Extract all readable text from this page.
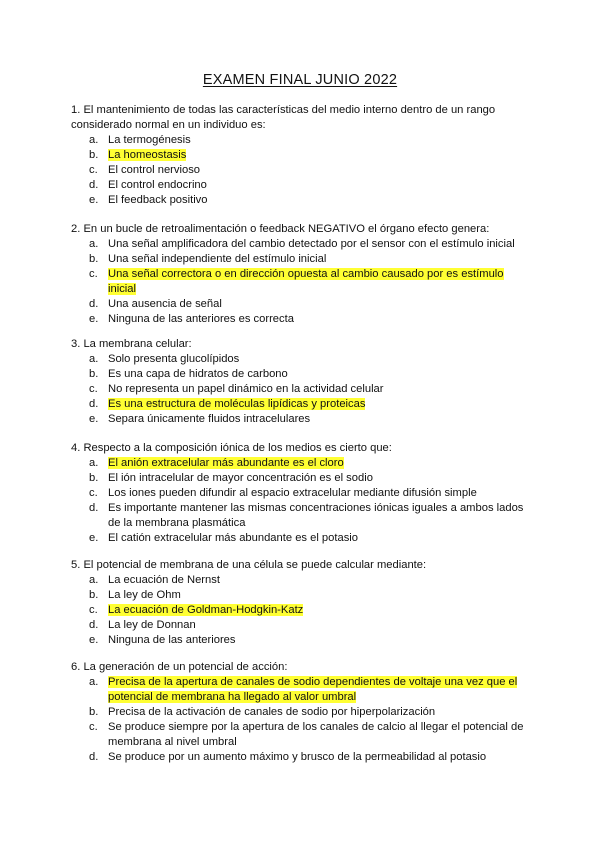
EXAMEN FINAL JUNIO 2022

1. El mantenimiento de todas las características del medio interno dentro de un rango considerado normal en un individuo es:

a. La termogénesis
b. La homeostasis
c. El control nervioso
d. El control endocrino
e. El feedback positivo

2. En un bucle de retroalimentación o feedback NEGATIVO el órgano efecto genera:

a. Una señal amplificadora del cambio detectado por el sensor con el estímulo inicial
b. Una señal independiente del estímulo inicial
c. Una señal correctora o en dirección opuesta al cambio causado por es estímulo inicial
d. Una ausencia de señal
e. Ninguna de las anteriores es correcta

3. La membrana celular:

a. Solo presenta glucolípidos
b. Es una capa de hidratos de carbono
c. No representa un papel dinámico en la actividad celular
d. Es una estructura de moléculas lipídicas y proteicas
e. Separa únicamente fluidos intracelulares

4. Respecto a la composición iónica de los medios es cierto que:

a. El anión extracelular más abundante es el cloro
b. El ión intracelular de mayor concentración es el sodio
c. Los iones pueden difundir al espacio extracelular mediante difusión simple
d. Es importante mantener las mismas concentraciones iónicas iguales a ambos lados de la membrana plasmática
e. El catión extracelular más abundante es el potasio

5. El potencial de membrana de una célula se puede calcular mediante:

a. La ecuación de Nernst
b. La ley de Ohm
c. La ecuación de Goldman-Hodgkin-Katz
d. La ley de Donnan
e. Ninguna de las anteriores

6. La generación de un potencial de acción:

a. Precisa de la apertura de canales de sodio dependientes de voltaje una vez que el potencial de membrana ha llegado al valor umbral
b. Precisa de la activación de canales de sodio por hiperpolarización
c. Se produce siempre por la apertura de los canales de calcio al llegar el potencial de membrana al nivel umbral
d. Se produce por un aumento máximo y brusco de la permeabilidad al potasio
